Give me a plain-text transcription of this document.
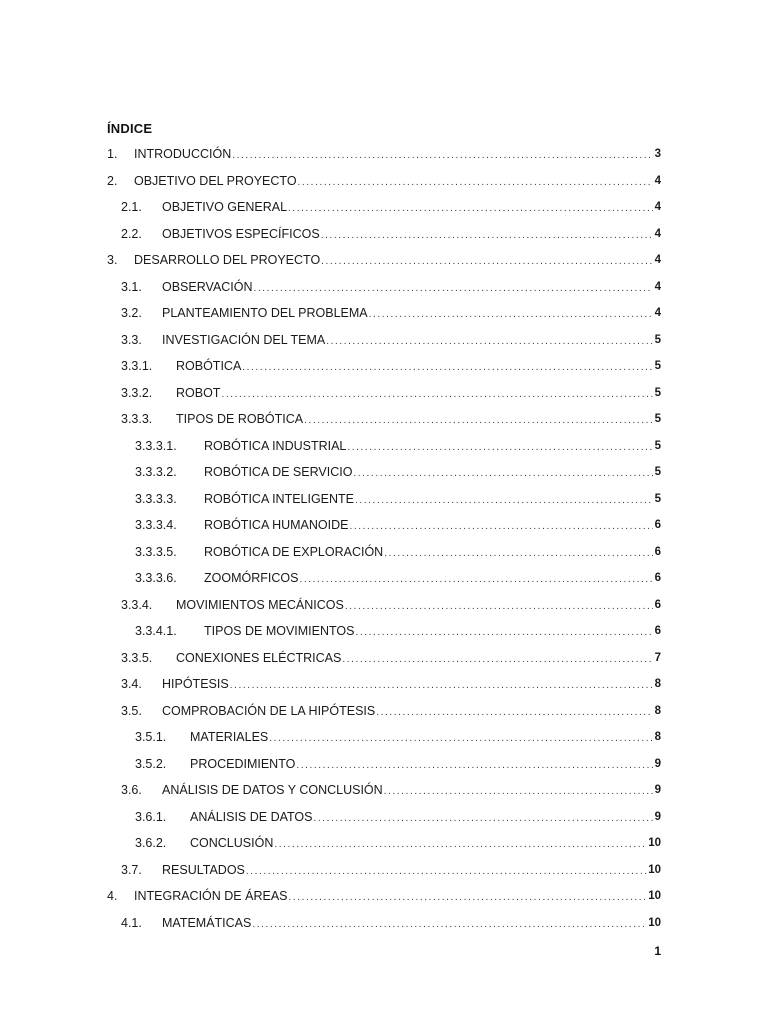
ÍNDICE
1. INTRODUCCIÓN .....	3
2. OBJETIVO DEL PROYECTO .....	4
2.1. OBJETIVO GENERAL .....	4
2.2. OBJETIVOS ESPECÍFICOS .....	4
3. DESARROLLO DEL PROYECTO .....	4
3.1. OBSERVACIÓN .....	4
3.2. PLANTEAMIENTO DEL PROBLEMA .....	4
3.3. INVESTIGACIÓN DEL TEMA .....	5
3.3.1. ROBÓTICA .....	5
3.3.2. ROBOT .....	5
3.3.3. TIPOS DE ROBÓTICA .....	5
3.3.3.1. ROBÓTICA INDUSTRIAL .....	5
3.3.3.2. ROBÓTICA DE SERVICIO .....	5
3.3.3.3. ROBÓTICA INTELIGENTE .....	5
3.3.3.4. ROBÓTICA HUMANOIDE .....	6
3.3.3.5. ROBÓTICA DE EXPLORACIÓN .....	6
3.3.3.6. ZOOMÓRFICOS .....	6
3.3.4. MOVIMIENTOS MECÁNICOS .....	6
3.3.4.1. TIPOS DE MOVIMIENTOS .....	6
3.3.5. CONEXIONES ELÉCTRICAS .....	7
3.4. HIPÓTESIS .....	8
3.5. COMPROBACIÓN DE LA HIPÓTESIS .....	8
3.5.1. MATERIALES .....	8
3.5.2. PROCEDIMIENTO .....	9
3.6. ANÁLISIS DE DATOS Y CONCLUSIÓN .....	9
3.6.1. ANÁLISIS DE DATOS .....	9
3.6.2. CONCLUSIÓN .....	10
3.7. RESULTADOS .....	10
4. INTEGRACIÓN DE ÁREAS .....	10
4.1. MATEMÁTICAS .....	10
1
